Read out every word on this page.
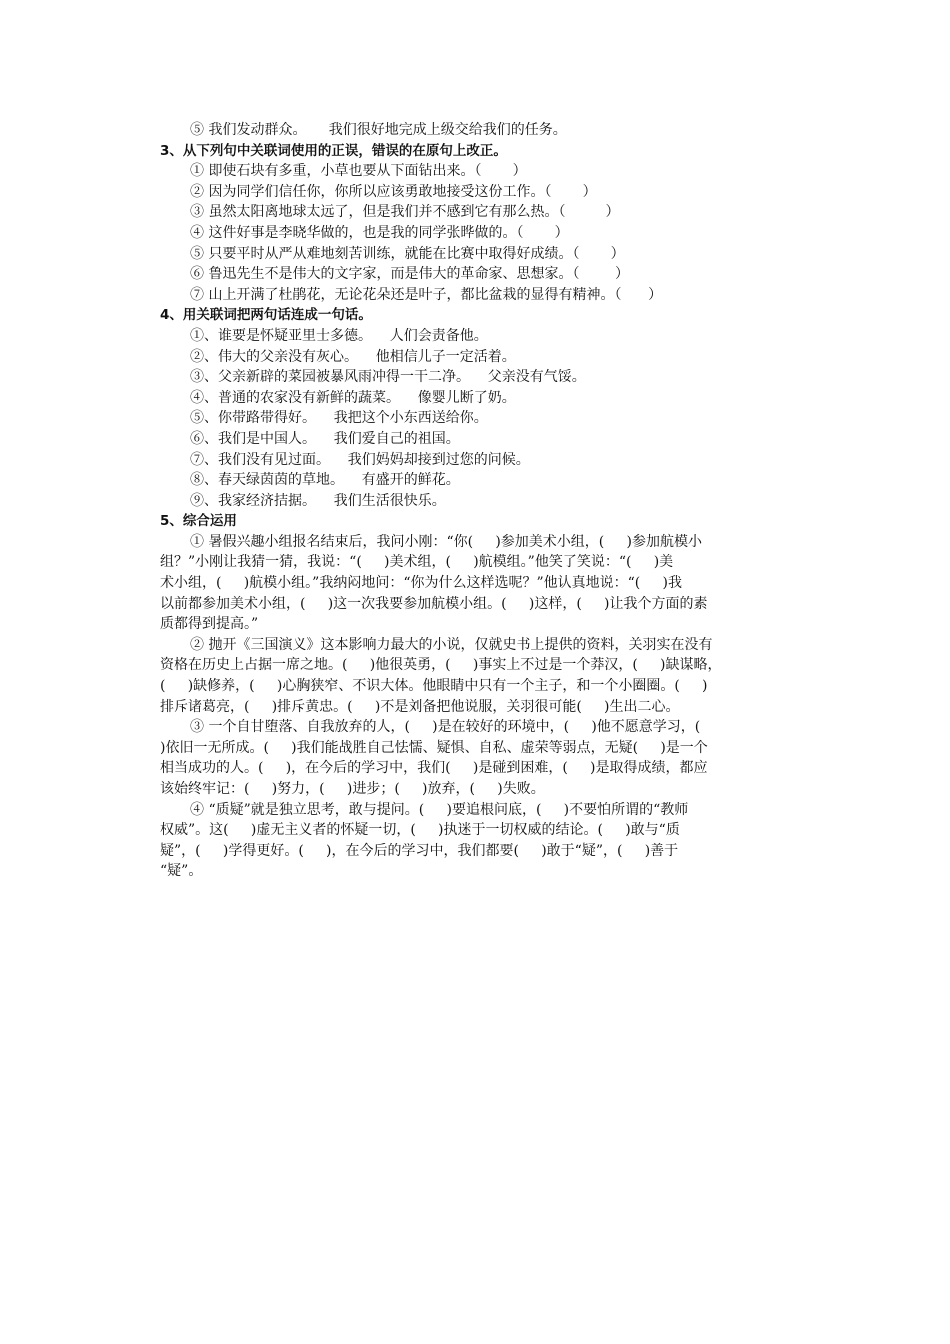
⑤ 我们发动群众。     我们很好地完成上级交给我们的任务。
3、从下列句中关联词使用的正误，错误的在原句上改正。
① 即使石块有多重，小草也要从下面钻出来。（       ）
② 因为同学们信任你，你所以应该勇敢地接受这份工作。（       ）
③ 虽然太阳离地球太远了，但是我们并不感到它有那么热。（         ）
④ 这件好事是李晓华做的，也是我的同学张晔做的。（       ）
⑤ 只要平时从严从难地刻苦训练，就能在比赛中取得好成绩。（       ）
⑥ 鲁迅先生不是伟大的文字家，而是伟大的革命家、思想家。（        ）
⑦ 山上开满了杜鹃花，无论花朵还是叶子，都比盆栽的显得有精神。（      ）
4、用关联词把两句话连成一句话。
①、谁要是怀疑亚里士多德。    人们会责备他。
②、伟大的父亲没有灰心。    他相信儿子一定活着。
③、父亲新辟的菜园被暴风雨冲得一干二净。    父亲没有气馁。
④、普通的农家没有新鲜的蔬菜。    像婴儿断了奶。
⑤、你带路带得好。    我把这个小东西送给你。
⑥、我们是中国人。    我们爱自己的祖国。
⑦、我们没有见过面。    我们妈妈却接到过您的问候。
⑧、春天绿茵茵的草地。    有盛开的鲜花。
⑨、我家经济拮据。    我们生活很快乐。
5、综合运用
① 暑假兴趣小组报名结束后，我问小刚：“你(     )参加美术小组，(     )参加航模小
组？”小刚让我猜一猜，我说：“(     )美术组，(     )航模组。”他笑了笑说：“(     )美
术小组，(     )航模小组。”我纳闷地问：“你为什么这样选呢？”他认真地说：“(     )我
以前都参加美术小组，(     )这一次我要参加航模小组。(     )这样，(     )让我个方面的素
质都得到提高。”
② 抛开《三国演义》这本影响力最大的小说，仅就史书上提供的资料，关羽实在没有
资格在历史上占据一席之地。(     )他很英勇，(     )事实上不过是一个莽汉，(     )缺谋略，
(     )缺修养，(     )心胸狭窄、不识大体。他眼睛中只有一个主子，和一个小圈圈。(     )
排斥诸葛亮，(     )排斥黄忠。(     )不是刘备把他说服，关羽很可能(     )生出二心。
③ 一个自甘堕落、自我放弃的人，(     )是在较好的环境中，(     )他不愿意学习，(
)依旧一无所成。(     )我们能战胜自己怯懦、疑惧、自私、虚荣等弱点，无疑(     )是一个
相当成功的人。(     )，在今后的学习中，我们(     )是碰到困难，(     )是取得成绩，都应
该始终牢记：(     )努力，(     )进步；(     )放弃，(     )失败。
④ “质疑”就是独立思考，敢与提问。(     )要追根问底，(     )不要怕所谓的“教师
权威”。这(     )虚无主义者的怀疑一切，(     )执迷于一切权威的结论。(     )敢与“质
疑”，(     )学得更好。(     )，在今后的学习中，我们都要(     )敢于“疑”，(     )善于
“疑”。
